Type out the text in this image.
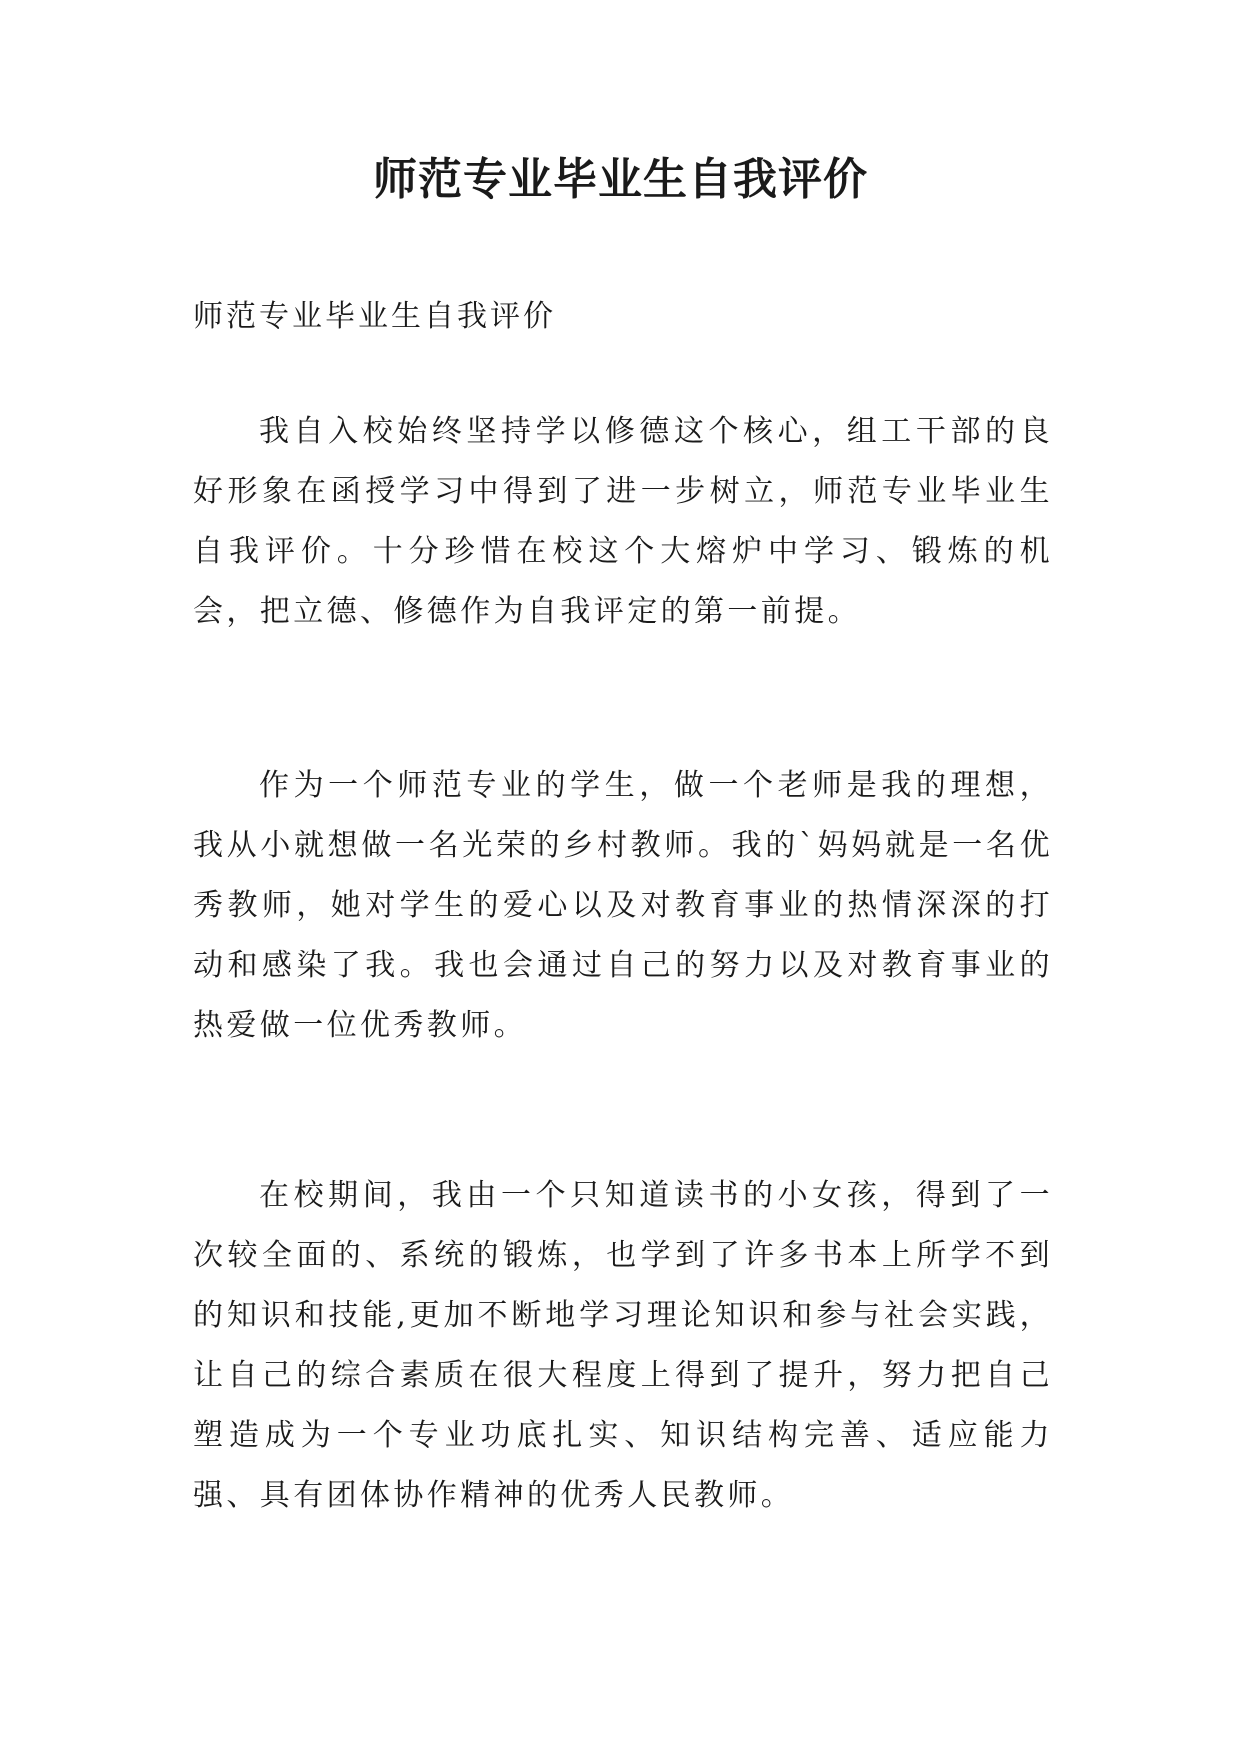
师范专业毕业生自我评价
师范专业毕业生自我评价

我自入校始终坚持学以修德这个核心，组工干部的良好形象在函授学习中得到了进一步树立，师范专业毕业生自我评价。十分珍惜在校这个大熔炉中学习、锻炼的机会，把立德、修德作为自我评定的第一前提。

作为一个师范专业的学生，做一个老师是我的理想，我从小就想做一名光荣的乡村教师。我的`妈妈就是一名优秀教师，她对学生的爱心以及对教育事业的热情深深的打动和感染了我。我也会通过自己的努力以及对教育事业的热爱做一位优秀教师。

在校期间，我由一个只知道读书的小女孩，得到了一次较全面的、系统的锻炼，也学到了许多书本上所学不到的知识和技能,更加不断地学习理论知识和参与社会实践，让自己的综合素质在很大程度上得到了提升，努力把自己塑造成为一个专业功底扎实、知识结构完善、适应能力强、具有团体协作精神的优秀人民教师。
